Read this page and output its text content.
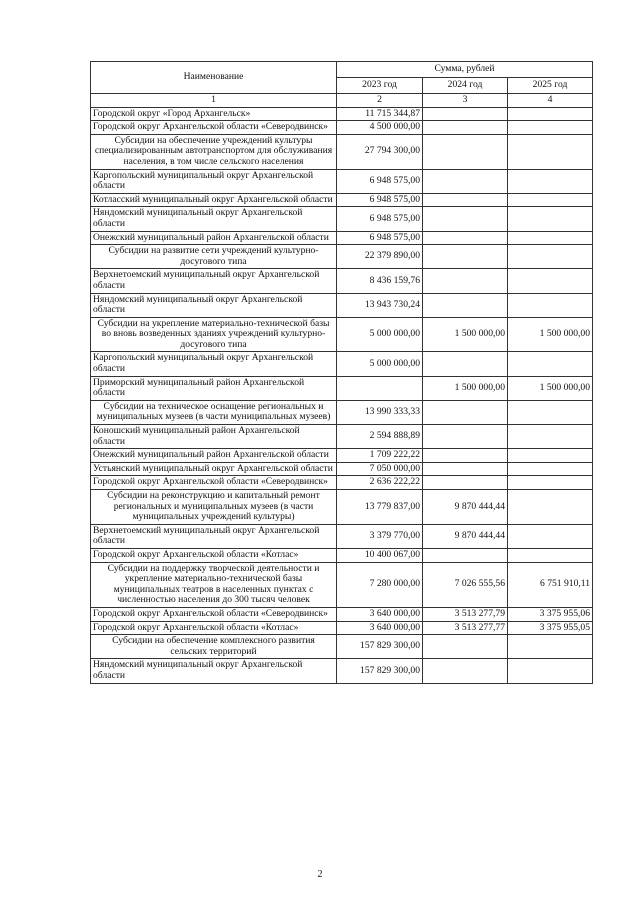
Наименование	Сумма, рублей		
	2023 год	2024 год	2025 год
1	2	3	4
Городской округ «Город Архангельск»	11 715 344,87		
Городской округ Архангельской области «Северодвинск»	4 500 000,00		
Субсидии на обеспечение учреждений культуры специализированным автотранспортом для обслуживания населения, в том числе сельского населения	27 794 300,00		
Каргопольский муниципальный округ Архангельской области	6 948 575,00		
Котласский муниципальный округ Архангельской области	6 948 575,00		
Няндомский муниципальный округ Архангельской области	6 948 575,00		
Онежский муниципальный район Архангельской области	6 948 575,00		
Субсидии на развитие сети учреждений культурно-досугового типа	22 379 890,00		
Верхнетоемский муниципальный округ Архангельской области	8 436 159,76		
Няндомский муниципальный округ Архангельской области	13 943 730,24		
Субсидии на укрепление материально-технической базы во вновь возведенных зданиях учреждений культурно-досугового типа	5 000 000,00	1 500 000,00	1 500 000,00
Каргопольский муниципальный округ Архангельской области	5 000 000,00		
Приморский муниципальный район Архангельской области		1 500 000,00	1 500 000,00
Субсидии на техническое оснащение региональных и муниципальных музеев (в части муниципальных музеев)	13 990 333,33		
Коношский муниципальный район Архангельской области	2 594 888,89		
Онежский муниципальный район Архангельской области	1 709 222,22		
Устьянский муниципальный округ Архангельской области	7 050 000,00		
Городской округ Архангельской области «Северодвинск»	2 636 222,22		
Субсидии на реконструкцию и капитальный ремонт региональных и муниципальных музеев (в части муниципальных учреждений культуры)	13 779 837,00	9 870 444,44	
Верхнетоемский муниципальный округ Архангельской области	3 379 770,00	9 870 444,44	
Городской округ Архангельской области «Котлас»	10 400 067,00		
Субсидии на поддержку творческой деятельности и укрепление материально-технической базы муниципальных театров в населенных пунктах с численностью населения до 300 тысяч человек	7 280 000,00	7 026 555,56	6 751 910,11
Городской округ Архангельской области «Северодвинск»	3 640 000,00	3 513 277,79	3 375 955,06
Городской округ Архангельской области «Котлас»	3 640 000,00	3 513 277,77	3 375 955,05
Субсидии на обеспечение комплексного развития сельских территорий	157 829 300,00		
Няндомский муниципальный округ Архангельской области	157 829 300,00		
2
